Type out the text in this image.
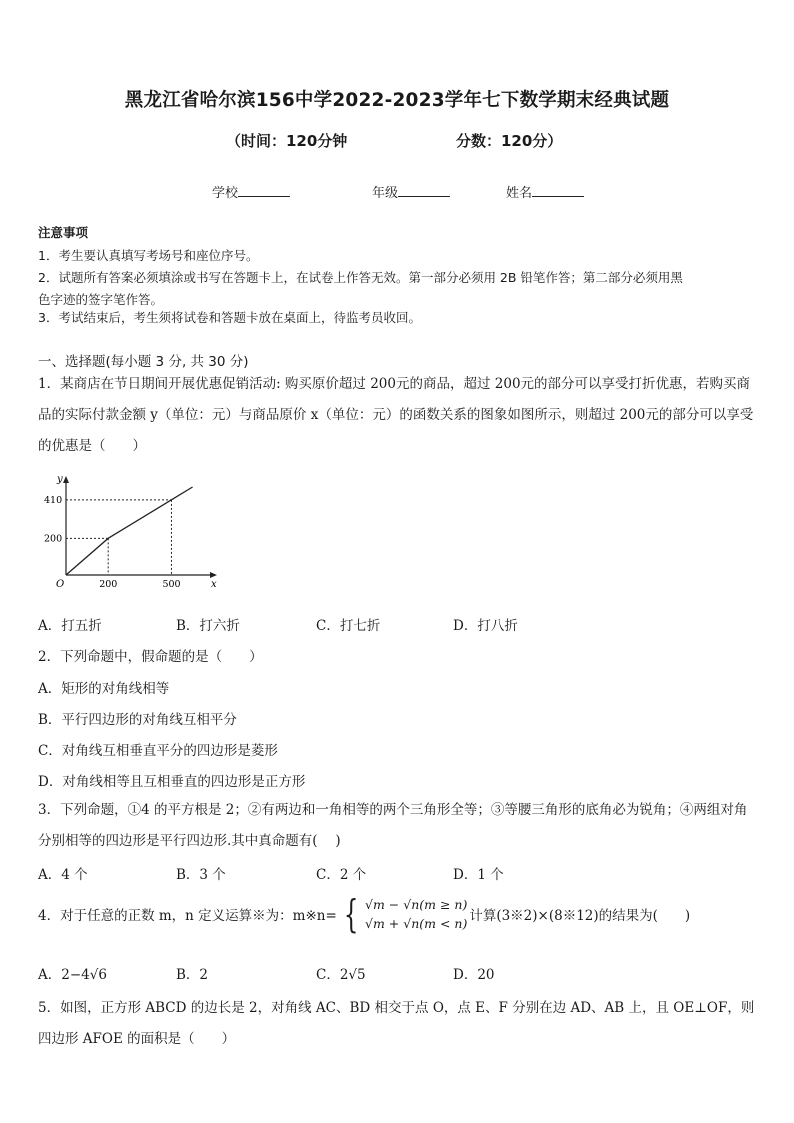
黑龙江省哈尔滨156中学2022-2023学年七下数学期末经典试题
（时间：120分钟	分数：120分）
学校	年级	姓名
注意事项
1．考生要认真填写考场号和座位序号。
2．试题所有答案必须填涂或书写在答题卡上，在试卷上作答无效。第一部分必须用 2B 铅笔作答；第二部分必须用黑
色字迹的签字笔作答。
3．考试结束后，考生须将试卷和答题卡放在桌面上，待监考员收回。
一、选择题(每小题 3 分, 共 30 分)
1．某商店在节日期间开展优惠促销活动: 购买原价超过 200元的商品，超过 200元的部分可以享受打折优惠，若购买商品的实际付款金额 y（单位：元）与商品原价 x（单位：元）的函数关系的图象如图所示，则超过 200元的部分可以享受的优惠是（　　）
x
y
O	200
200
500
410
A．打五折	B．打六折	C．打七折	D．打八折
2．下列命题中，假命题的是（　　）
A．矩形的对角线相等
B．平行四边形的对角线互相平分
C．对角线互相垂直平分的四边形是菱形
D．对角线相等且互相垂直的四边形是正方形
3．下列命题，①4 的平方根是 2；②有两边和一角相等的两个三角形全等；③等腰三角形的底角必为锐角；④两组对角分别相等的四边形是平行四边形.其中真命题有(　 )
A．4 个	B．3 个	C．2 个	D．1 个
4．对于任意的正数 m，n 定义运算※为：m※n= { √m − √n(m ≥ n)
√m + √n(m < n) 计算(3※2)×(8※12)的结果为(　　)
A．2−4√6	B．2	C．2√5	D．20
5．如图，正方形 ABCD 的边长是 2，对角线 AC、BD 相交于点 O，点 E、F 分别在边 AD、AB 上，且 OE⊥OF，则四边形 AFOE 的面积是（　　）
